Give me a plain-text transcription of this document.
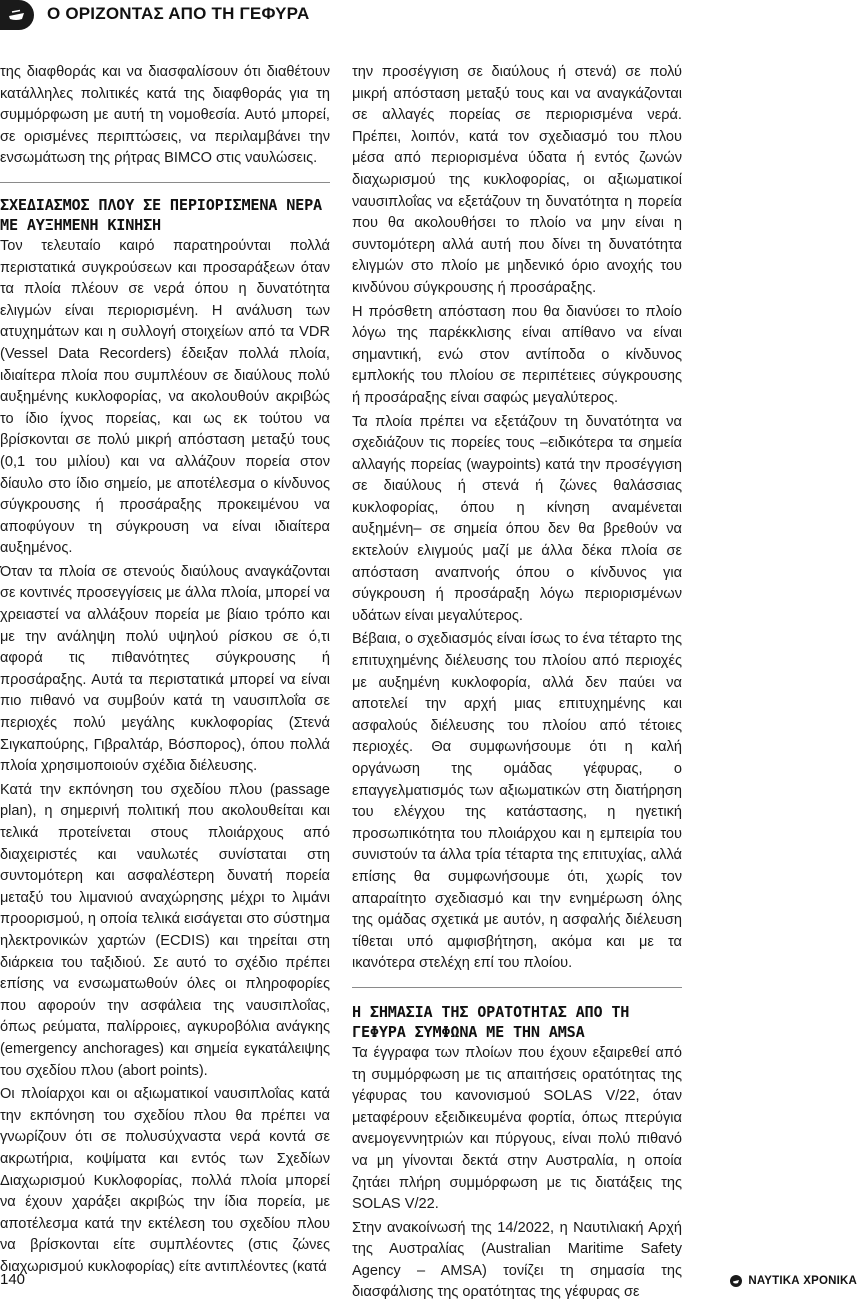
Ο ΟΡΙΖΟΝΤΑΣ ΑΠΟ ΤΗ ΓΕΦΥΡΑ

της διαφθοράς και να διασφαλίσουν ότι διαθέτουν κατάλληλες πολιτικές κατά της διαφθοράς για τη συμμόρφωση με αυτή τη νομοθεσία. Αυτό μπορεί, σε ορισμένες περιπτώσεις, να περιλαμβάνει την ενσωμάτωση της ρήτρας BIMCO στις ναυλώσεις.

ΣΧΕΔΙΑΣΜΟΣ ΠΛΟΥ ΣΕ ΠΕΡΙΟΡΙΣΜΕΝΑ ΝΕΡΑ ΜΕ ΑΥΞΗΜΕΝΗ ΚΙΝΗΣΗ

Τον τελευταίο καιρό παρατηρούνται πολλά περιστατικά συγκρούσεων και προσαράξεων όταν τα πλοία πλέουν σε νερά όπου η δυνατότητα ελιγμών είναι περιορισμένη. Η ανάλυση των ατυχημάτων και η συλλογή στοιχείων από τα VDR (Vessel Data Recorders) έδειξαν πολλά πλοία, ιδιαίτερα πλοία που συμπλέουν σε διαύλους πολύ αυξημένης κυκλοφορίας, να ακολουθούν ακριβώς το ίδιο ίχνος πορείας, και ως εκ τούτου να βρίσκονται σε πολύ μικρή απόσταση μεταξύ τους (0,1 του μιλίου) και να αλλάζουν πορεία στον δίαυλο στο ίδιο σημείο, με αποτέλεσμα ο κίνδυνος σύγκρουσης ή προσάραξης προκειμένου να αποφύγουν τη σύγκρουση να είναι ιδιαίτερα αυξημένος.

Όταν τα πλοία σε στενούς διαύλους αναγκάζονται σε κοντινές προσεγγίσεις με άλλα πλοία, μπορεί να χρειαστεί να αλλάξουν πορεία με βίαιο τρόπο και με την ανάληψη πολύ υψηλού ρίσκου σε ό,τι αφορά τις πιθανότητες σύγκρουσης ή προσάραξης. Αυτά τα περιστατικά μπορεί να είναι πιο πιθανό να συμβούν κατά τη ναυσιπλοΐα σε περιοχές πολύ μεγάλης κυκλοφορίας (Στενά Σιγκαπούρης, Γιβραλτάρ, Βόσπορος), όπου πολλά πλοία χρησιμοποιούν σχέδια διέλευσης.

Κατά την εκπόνηση του σχεδίου πλου (passage plan), η σημερινή πολιτική που ακολουθείται και τελικά προτείνεται στους πλοιάρχους από διαχειριστές και ναυλωτές συνίσταται στη συντομότερη και ασφαλέστερη δυνατή πορεία μεταξύ του λιμανιού αναχώρησης μέχρι το λιμάνι προορισμού, η οποία τελικά εισάγεται στο σύστημα ηλεκτρονικών χαρτών (ECDIS) και τηρείται στη διάρκεια του ταξιδιού. Σε αυτό το σχέδιο πρέπει επίσης να ενσωματωθούν όλες οι πληροφορίες που αφορούν την ασφάλεια της ναυσιπλοΐας, όπως ρεύματα, παλίρροιες, αγκυροβόλια ανάγκης (emergency anchorages) και σημεία εγκατάλειψης του σχεδίου πλου (abort points).

Οι πλοίαρχοι και οι αξιωματικοί ναυσιπλοΐας κατά την εκπόνηση του σχεδίου πλου θα πρέπει να γνωρίζουν ότι σε πολυσύχναστα νερά κοντά σε ακρωτήρια, κοψίματα και εντός των Σχεδίων Διαχωρισμού Κυκλοφορίας, πολλά πλοία μπορεί να έχουν χαράξει ακριβώς την ίδια πορεία, με αποτέλεσμα κατά την εκτέλεση του σχεδίου πλου να βρίσκονται είτε συμπλέοντες (στις ζώνες διαχωρισμού κυκλοφορίας) είτε αντιπλέοντες (κατά

την προσέγγιση σε διαύλους ή στενά) σε πολύ μικρή απόσταση μεταξύ τους και να αναγκάζονται σε αλλαγές πορείας σε περιορισμένα νερά. Πρέπει, λοιπόν, κατά τον σχεδιασμό του πλου μέσα από περιορισμένα ύδατα ή εντός ζωνών διαχωρισμού της κυκλοφορίας, οι αξιωματικοί ναυσιπλοΐας να εξετάζουν τη δυνατότητα η πορεία που θα ακολουθήσει το πλοίο να μην είναι η συντομότερη αλλά αυτή που δίνει τη δυνατότητα ελιγμών στο πλοίο με μηδενικό όριο ανοχής του κινδύνου σύγκρουσης ή προσάραξης.

Η πρόσθετη απόσταση που θα διανύσει το πλοίο λόγω της παρέκκλισης είναι απίθανο να είναι σημαντική, ενώ στον αντίποδα ο κίνδυνος εμπλοκής του πλοίου σε περιπέτειες σύγκρουσης ή προσάραξης είναι σαφώς μεγαλύτερος.

Τα πλοία πρέπει να εξετάζουν τη δυνατότητα να σχεδιάζουν τις πορείες τους –ειδικότερα τα σημεία αλλαγής πορείας (waypoints) κατά την προσέγγιση σε διαύλους ή στενά ή ζώνες θαλάσσιας κυκλοφορίας, όπου η κίνηση αναμένεται αυξημένη– σε σημεία όπου δεν θα βρεθούν να εκτελούν ελιγμούς μαζί με άλλα δέκα πλοία σε απόσταση αναπνοής όπου ο κίνδυνος για σύγκρουση ή προσάραξη λόγω περιορισμένων υδάτων είναι μεγαλύτερος.

Βέβαια, ο σχεδιασμός είναι ίσως το ένα τέταρτο της επιτυχημένης διέλευσης του πλοίου από περιοχές με αυξημένη κυκλοφορία, αλλά δεν παύει να αποτελεί την αρχή μιας επιτυχημένης και ασφαλούς διέλευσης του πλοίου από τέτοιες περιοχές. Θα συμφωνήσουμε ότι η καλή οργάνωση της ομάδας γέφυρας, ο επαγγελματισμός των αξιωματικών στη διατήρηση του ελέγχου της κατάστασης, η ηγετική προσωπικότητα του πλοιάρχου και η εμπειρία του συνιστούν τα άλλα τρία τέταρτα της επιτυχίας, αλλά επίσης θα συμφωνήσουμε ότι, χωρίς τον απαραίτητο σχεδιασμό και την ενημέρωση όλης της ομάδας σχετικά με αυτόν, η ασφαλής διέλευση τίθεται υπό αμφισβήτηση, ακόμα και με τα ικανότερα στελέχη επί του πλοίου.

Η ΣΗΜΑΣΙΑ ΤΗΣ ΟΡΑΤΟΤΗΤΑΣ ΑΠΟ ΤΗ ΓΕΦΥΡΑ ΣΥΜΦΩΝΑ ΜΕ ΤΗΝ AMSA

Τα έγγραφα των πλοίων που έχουν εξαιρεθεί από τη συμμόρφωση με τις απαιτήσεις ορατότητας της γέφυρας του κανονισμού SOLAS V/22, όταν μεταφέρουν εξειδικευμένα φορτία, όπως πτερύγια ανεμογεννητριών και πύργους, είναι πολύ πιθανό να μη γίνονται δεκτά στην Αυστραλία, η οποία ζητάει πλήρη συμμόρφωση με τις διατάξεις της SOLAS V/22.

Στην ανακοίνωσή της 14/2022, η Ναυτιλιακή Αρχή της Αυστραλίας (Australian Maritime Safety Agency – AMSA) τονίζει τη σημασία της διασφάλισης της ορατότητας της γέφυρας σε

140	ΝΑΥΤΙΚΑ ΧΡΟΝΙΚΑ
